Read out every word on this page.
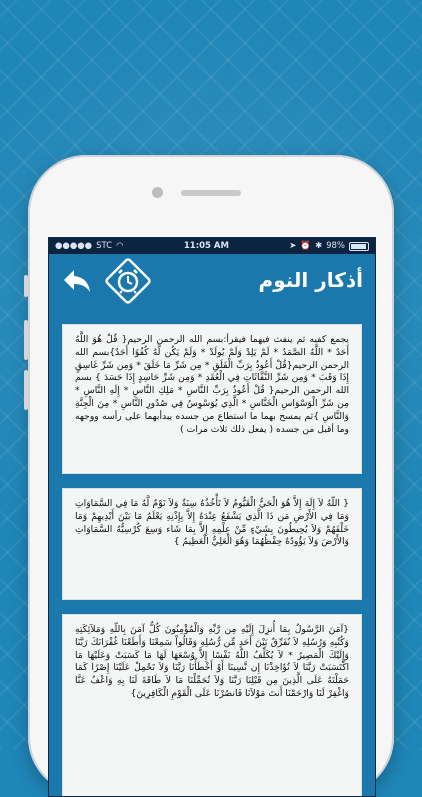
●●●●● STC ◠	11:05 AM	➤ ⏰ ✱ 98%
أذكار النوم
يجمع كفيه ثم ينفث فيهما فيقرأ:بسم الله الرحمن الرحيم{ قُلْ هُوَ اللَّهُ أَحَدٌ * اللَّهُ الصَّمَدُ * لَمْ يَلِدْ وَلَمْ يُولَدْ * وَلَمْ يَكُن لَّهُ كُفُوًا أَحَدٌ}بسم الله الرحمن الرحيم{قُلْ أَعُوذُ بِرَبِّ الْفَلَقِ * مِن شَرِّ مَا خَلَقَ * وَمِن شَرِّ غَاسِقٍ إِذَا وَقَبَ * وَمِن شَرِّ النَّفَّاثَاتِ فِي الْعُقَدِ * وَمِن شَرِّ حَاسِدٍ إِذَا حَسَدَ } بسم الله الرحمن الرحيم{ قُلْ أَعُوذُ بِرَبِّ النَّاسِ * مَلِكِ النَّاسِ * إِلَهِ النَّاسِ * مِن شَرِّ الْوَسْوَاسِ الْخَنَّاسِ * الَّذِي يُوَسْوِسُ فِي صُدُورِ النَّاسِ * مِنَ الْجِنَّةِ وَالنَّاسِ }ثم يمسح بهما ما استطاع من جسده يبدأبهما على رأسه ووجهه وما أقبل من جسده ( يفعل ذلك ثلاث مرات )
{ اللّهُ لاَ إِلَهَ إِلاَّ هُوَ الْحَيُّ الْقَيُّومُ لاَ تَأْخُذُهُ سِنَةٌ وَلاَ نَوْمٌ لَّهُ مَا فِي السَّمَاوَاتِ وَمَا فِي الأَرْضِ مَن ذَا الَّذِي يَشْفَعُ عِنْدَهُ إِلاَّ بِإِذْنِهِ يَعْلَمُ مَا بَيْنَ أَيْدِيهِمْ وَمَا خَلْفَهُمْ وَلاَ يُحِيطُونَ بِشَيْءٍ مِّنْ عِلْمِهِ إِلاَّ بِمَا شَاء وَسِعَ كُرْسِيُّهُ السَّمَاوَاتِ وَالأَرْضَ وَلاَ يَؤُودُهُ حِفْظُهُمَا وَهُوَ الْعَلِيُّ الْعَظِيمُ }
{آمَنَ الرَّسُولُ بِمَا أُنزِلَ إِلَيْهِ مِن رَّبِّهِ وَالْمُؤْمِنُونَ كُلٌّ آمَنَ بِاللّهِ وَمَلآئِكَتِهِ وَكُتُبِهِ وَرُسُلِهِ لاَ نُفَرِّقُ بَيْنَ أَحَدٍ مِّن رُّسُلِهِ وَقَالُواْ سَمِعْنَا وَأَطَعْنَا غُفْرَانَكَ رَبَّنَا وَإِلَيْكَ الْمَصِيرُ * لاَ يُكَلِّفُ اللّهُ نَفْسًا إِلاَّ وُسْعَهَا لَهَا مَا كَسَبَتْ وَعَلَيْهَا مَا اكْتَسَبَتْ رَبَّنَا لاَ تُؤَاخِذْنَا إِن نَّسِينَا أَوْ أَخْطَأْنَا رَبَّنَا وَلاَ تَحْمِلْ عَلَيْنَا إِصْرًا كَمَا حَمَلْتَهُ عَلَى الَّذِينَ مِن قَبْلِنَا رَبَّنَا وَلاَ تُحَمِّلْنَا مَا لاَ طَاقَةَ لَنَا بِهِ وَاعْفُ عَنَّا وَاغْفِرْ لَنَا وَارْحَمْنَا أَنتَ مَوْلاَنَا فَانصُرْنَا عَلَى الْقَوْمِ الْكَافِرِينَ}
